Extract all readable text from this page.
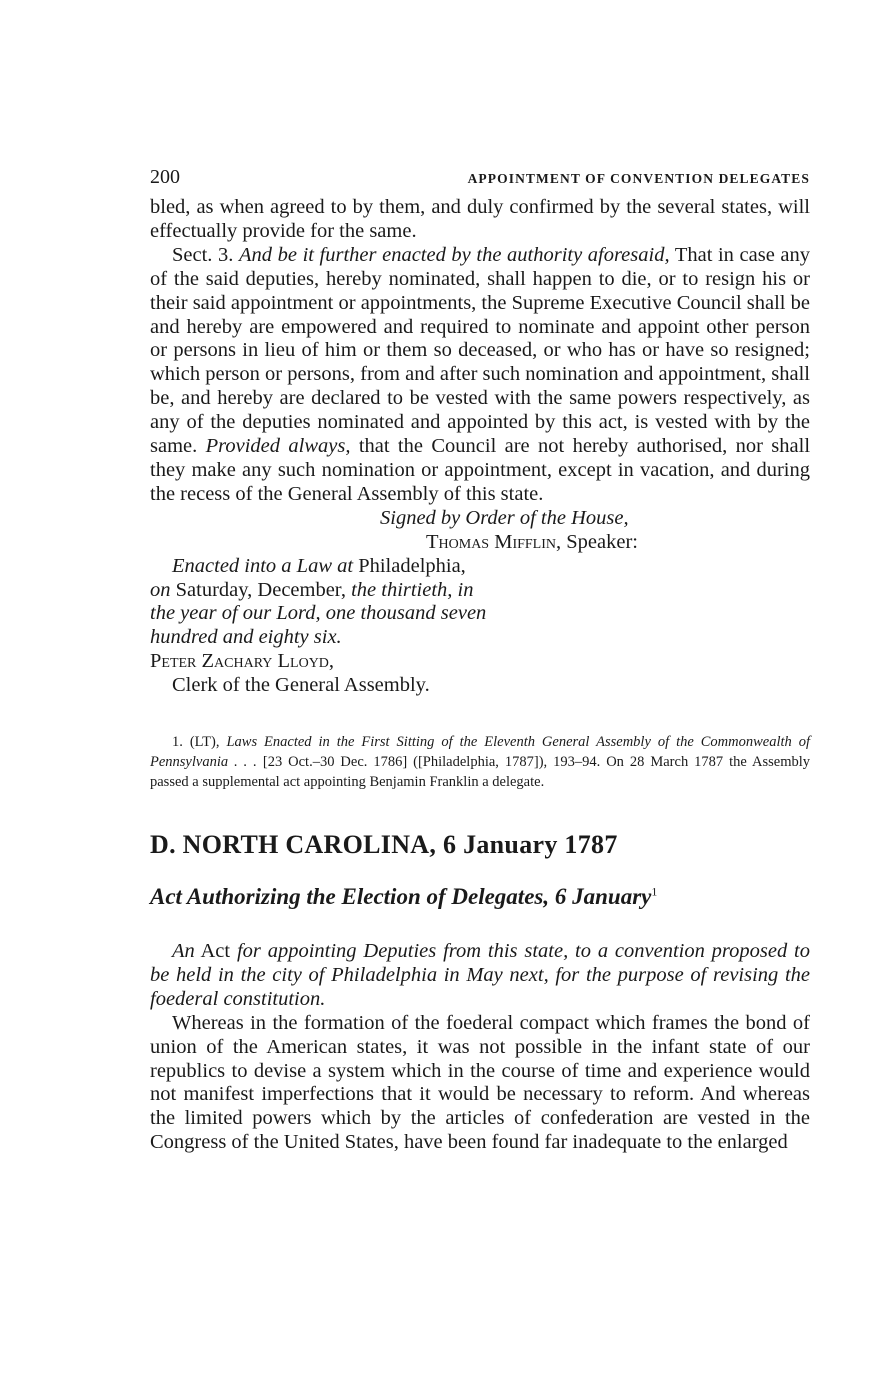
200	APPOINTMENT OF CONVENTION DELEGATES

bled, as when agreed to by them, and duly confirmed by the several states, will effectually provide for the same.

Sect. 3. And be it further enacted by the authority aforesaid, That in case any of the said deputies, hereby nominated, shall happen to die, or to resign his or their said appointment or appointments, the Supreme Executive Council shall be and hereby are empowered and required to nominate and appoint other person or persons in lieu of him or them so deceased, or who has or have so resigned; which person or persons, from and after such nomination and appointment, shall be, and hereby are declared to be vested with the same powers respectively, as any of the deputies nominated and appointed by this act, is vested with by the same. Provided always, that the Council are not hereby authorised, nor shall they make any such nomination or appointment, except in vacation, and during the recess of the General Assembly of this state.

Signed by Order of the House,
Thomas Mifflin, Speaker:
Enacted into a Law at Philadelphia,
on Saturday, December, the thirtieth, in
the year of our Lord, one thousand seven
hundred and eighty six.
Peter Zachary Lloyd,
Clerk of the General Assembly.
1. (LT), Laws Enacted in the First Sitting of the Eleventh General Assembly of the Commonwealth of Pennsylvania . . . [23 Oct.–30 Dec. 1786] ([Philadelphia, 1787]), 193–94. On 28 March 1787 the Assembly passed a supplemental act appointing Benjamin Franklin a delegate.
D. NORTH CAROLINA, 6 January 1787
Act Authorizing the Election of Delegates, 6 January$^1$

An Act for appointing Deputies from this state, to a convention proposed to be held in the city of Philadelphia in May next, for the purpose of revising the foederal constitution.

Whereas in the formation of the foederal compact which frames the bond of union of the American states, it was not possible in the infant state of our republics to devise a system which in the course of time and experience would not manifest imperfections that it would be necessary to reform. And whereas the limited powers which by the articles of confederation are vested in the Congress of the United States, have been found far inadequate to the enlarged
